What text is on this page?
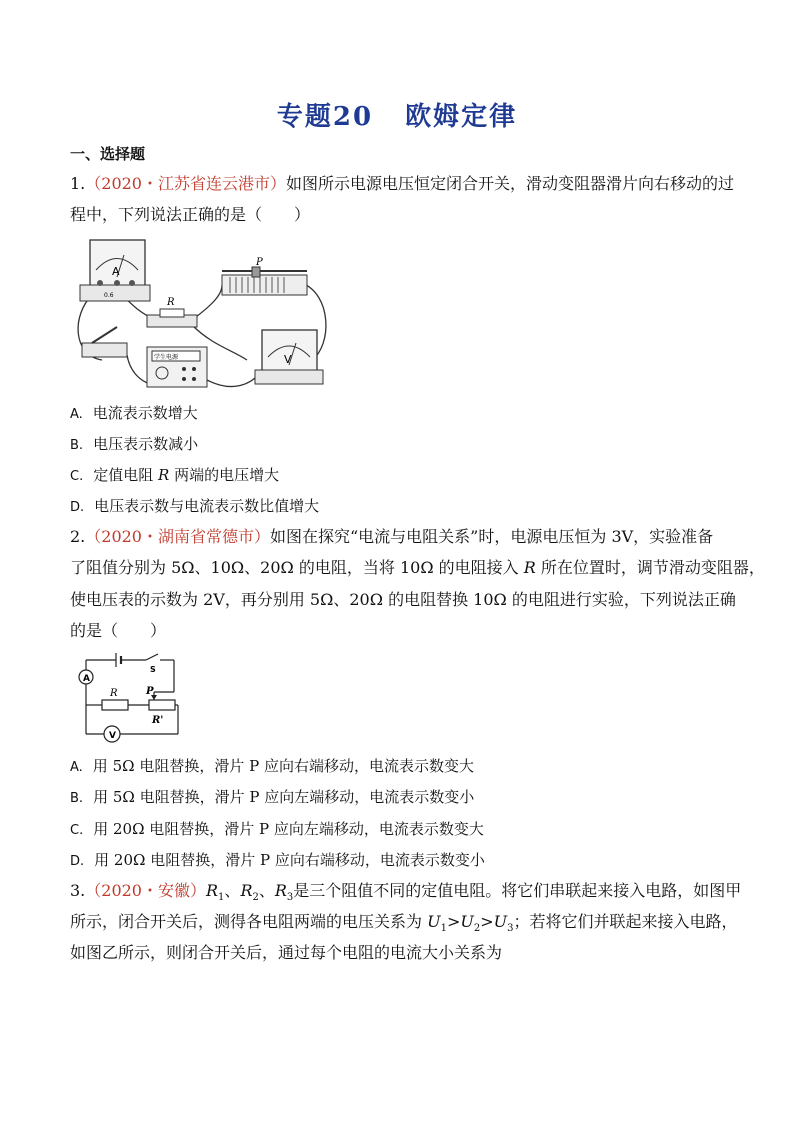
专题20 欧姆定律
一、选择题
1.（2020・江苏省连云港市）如图所示电源电压恒定闭合开关，滑动变阻器滑片向右移动的过
程中，下列说法正确的是（　　）
A
0.6
R
P
学生电源	V
A. 电流表示数增大
B. 电压表示数减小
C. 定值电阻 R 两端的电压增大
D. 电压表示数与电流表示数比值增大
2.（2020・湖南省常德市）如图在探究“电流与电阻关系”时，电源电压恒为 3V，实验准备
了阻值分别为 5Ω、10Ω、20Ω 的电阻，当将 10Ω 的电阻接入 R 所在位置时，调节滑动变阻器，
使电压表的示数为 2V，再分别用 5Ω、20Ω 的电阻替换 10Ω 的电阻进行实验，下列说法正确
的是（　　）
A
V
S
R	P
R'
A. 用 5Ω 电阻替换，滑片 P 应向右端移动，电流表示数变大
B. 用 5Ω 电阻替换，滑片 P 应向左端移动，电流表示数变小
C. 用 20Ω 电阻替换，滑片 P 应向左端移动，电流表示数变大
D. 用 20Ω 电阻替换，滑片 P 应向右端移动，电流表示数变小
3.（2020・安徽）$R_1$、$R_2$、$R_3$是三个阻值不同的定值电阻。将它们串联起来接入电路，如图甲
所示，闭合开关后，测得各电阻两端的电压关系为 $U_1>U_2>U_3$；若将它们并联起来接入电路，
如图乙所示，则闭合开关后，通过每个电阻的电流大小关系为
